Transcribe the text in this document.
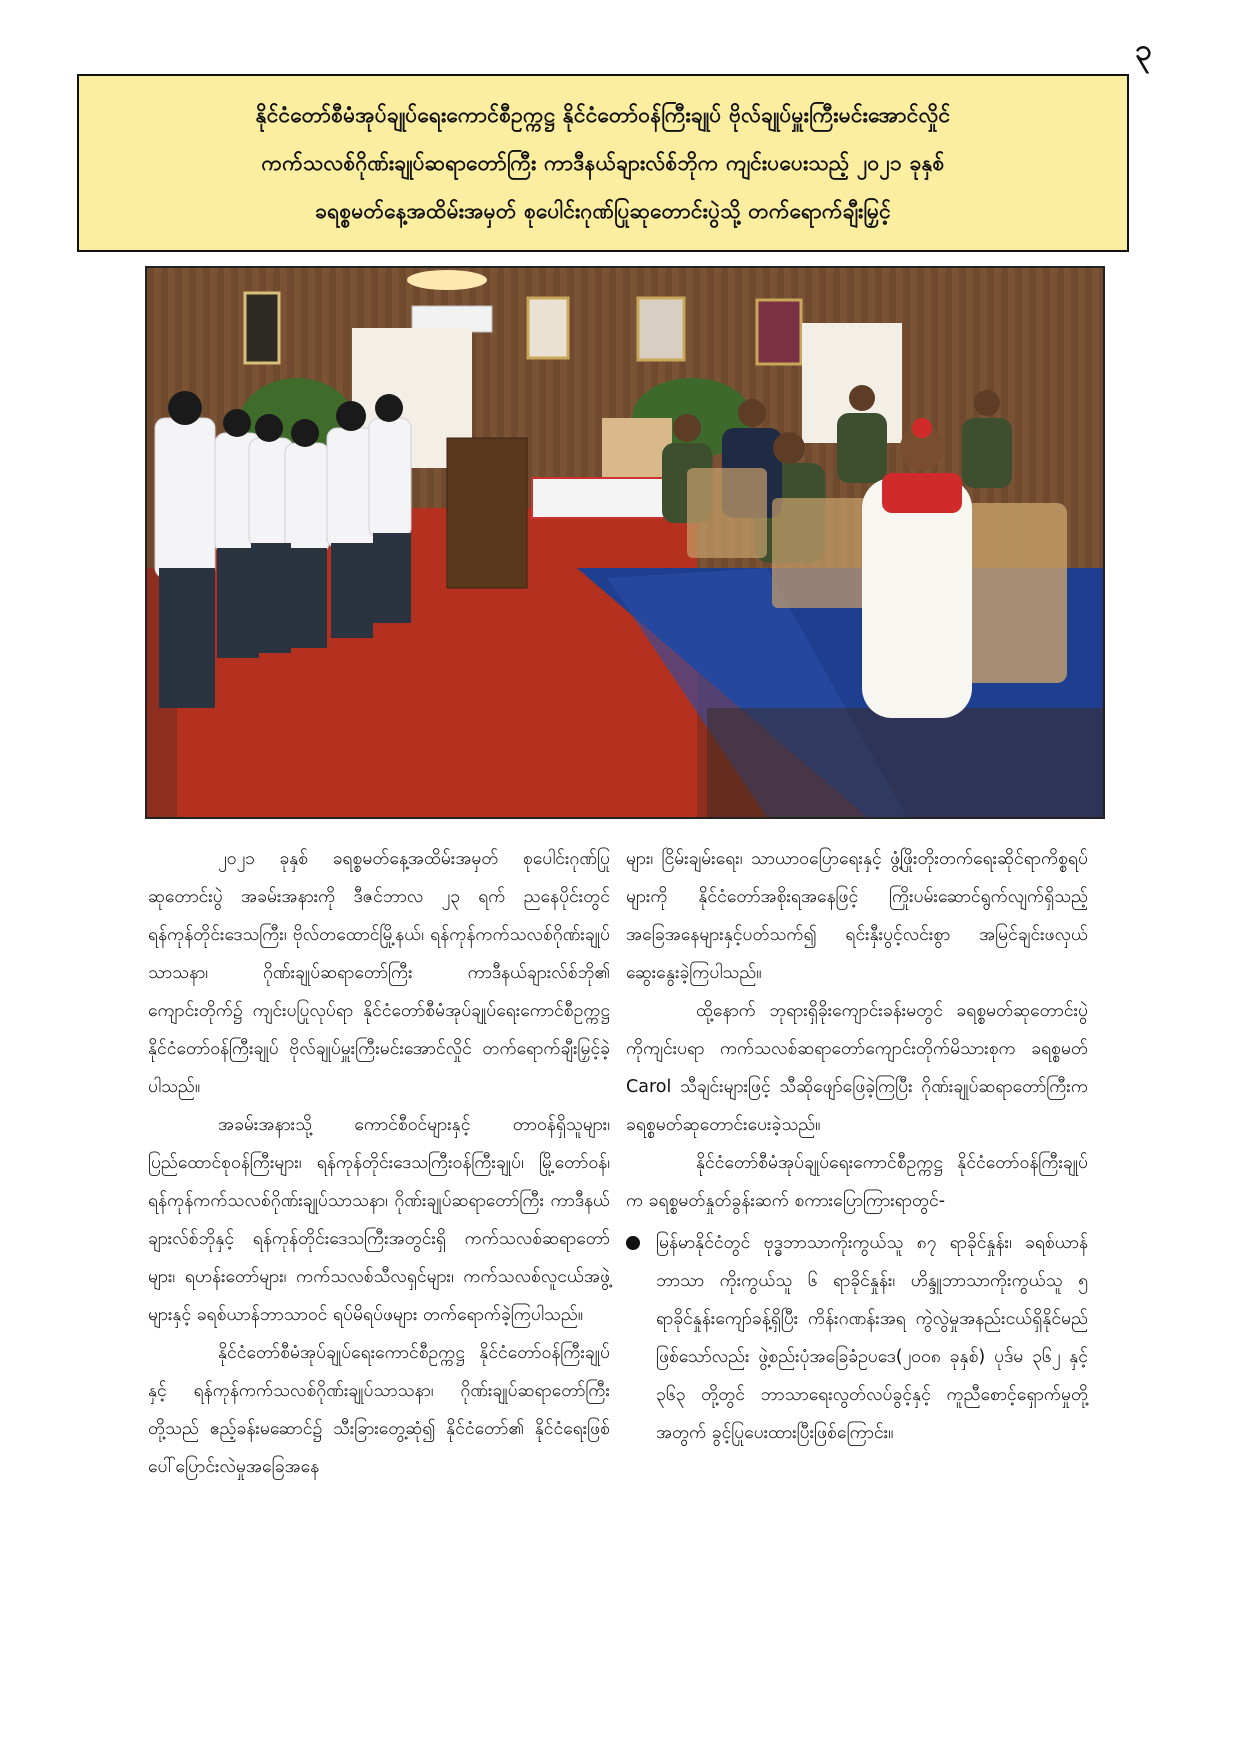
၃
နိုင်ငံတော်စီမံအုပ်ချုပ်ရေးကောင်စီဥက္ကဋ္ဌ နိုင်ငံတော်ဝန်ကြီးချုပ် ဗိုလ်ချုပ်မှူးကြီးမင်းအောင်လှိုင်
ကက်သလစ်ဂိုဏ်းချုပ်ဆရာတော်ကြီး ကာဒီနယ်ချားလ်စ်ဘိုက ကျင်းပပေးသည့် ၂၀၂၁ ခုနှစ်
ခရစ္စမတ်နေ့အထိမ်းအမှတ် စုပေါင်းဂုဏ်ပြုဆုတောင်းပွဲသို့ တက်ရောက်ချီးမြှင့်

၂၀၂၁ ခုနှစ် ခရစ္စမတ်နေ့အထိမ်းအမှတ် စုပေါင်းဂုဏ်ပြုဆုတောင်းပွဲ အခမ်းအနားကို ဒီဇင်ဘာလ ၂၃ ရက် ညနေပိုင်းတွင် ရန်ကုန်တိုင်းဒေသကြီး၊ ဗိုလ်တထောင်မြို့နယ်၊ ရန်ကုန်ကက်သလစ်ဂိုဏ်းချုပ်သာသနာ၊ ဂိုဏ်းချုပ်ဆရာတော်ကြီး ကာဒီနယ်ချားလ်စ်ဘို၏ ကျောင်းတိုက်၌ ကျင်းပပြုလုပ်ရာ နိုင်ငံတော်စီမံအုပ်ချုပ်ရေးကောင်စီဥက္ကဋ္ဌ နိုင်ငံတော်ဝန်ကြီးချုပ် ဗိုလ်ချုပ်မှူးကြီးမင်းအောင်လှိုင် တက်ရောက်ချီးမြှင့်ခဲ့ပါသည်။

အခမ်းအနားသို့ ကောင်စီဝင်များနှင့် တာဝန်ရှိသူများ၊ ပြည်ထောင်စုဝန်ကြီးများ၊ ရန်ကုန်တိုင်းဒေသကြီးဝန်ကြီးချုပ်၊ မြို့တော်ဝန်၊ ရန်ကုန်ကက်သလစ်ဂိုဏ်းချုပ်သာသနာ၊ ဂိုဏ်းချုပ်ဆရာတော်ကြီး ကာဒီနယ်ချားလ်စ်ဘိုနှင့် ရန်ကုန်တိုင်းဒေသကြီးအတွင်းရှိ ကက်သလစ်ဆရာတော်များ၊ ရဟန်းတော်များ၊ ကက်သလစ်သီလရှင်များ၊ ကက်သလစ်လူငယ်အဖွဲ့များနှင့် ခရစ်ယာန်ဘာသာဝင် ရပ်မိရပ်ဖများ တက်ရောက်ခဲ့ကြပါသည်။

နိုင်ငံတော်စီမံအုပ်ချုပ်ရေးကောင်စီဥက္ကဋ္ဌ နိုင်ငံတော်ဝန်ကြီးချုပ်နှင့် ရန်ကုန်ကက်သလစ်ဂိုဏ်းချုပ်သာသနာ၊ ဂိုဏ်းချုပ်ဆရာတော်ကြီးတို့သည် ဧည့်ခန်းမဆောင်၌ သီးခြားတွေ့ဆုံ၍ နိုင်ငံတော်၏ နိုင်ငံရေးဖြစ်ပေါ်ပြောင်းလဲမှုအခြေအနေ

များ၊ ငြိမ်းချမ်းရေး၊ သာယာဝပြောရေးနှင့် ဖွံ့ဖြိုးတိုးတက်ရေးဆိုင်ရာကိစ္စရပ်များကို နိုင်ငံတော်အစိုးရအနေဖြင့် ကြိုးပမ်းဆောင်ရွက်လျက်ရှိသည့် အခြေအနေများနှင့်ပတ်သက်၍ ရင်းနှီးပွင့်လင်းစွာ အမြင်ချင်းဖလှယ်ဆွေးနွေးခဲ့ကြပါသည်။

ထို့နောက် ဘုရားရှိခိုးကျောင်းခန်းမတွင် ခရစ္စမတ်ဆုတောင်းပွဲကိုကျင်းပရာ ကက်သလစ်ဆရာတော်ကျောင်းတိုက်မိသားစုက ခရစ္စမတ် Carol သီချင်းများဖြင့် သီဆိုဖျော်ဖြေခဲ့ကြပြီး ဂိုဏ်းချုပ်ဆရာတော်ကြီးက ခရစ္စမတ်ဆုတောင်းပေးခဲ့သည်။

နိုင်ငံတော်စီမံအုပ်ချုပ်ရေးကောင်စီဥက္ကဋ္ဌ နိုင်ငံတော်ဝန်ကြီးချုပ်က ခရစ္စမတ်နှုတ်ခွန်းဆက် စကားပြောကြားရာတွင်-

မြန်မာနိုင်ငံတွင် ဗုဒ္ဓဘာသာကိုးကွယ်သူ ၈၇ ရာခိုင်နှုန်း၊ ခရစ်ယာန်ဘာသာ ကိုးကွယ်သူ ၆ ရာခိုင်နှုန်း၊ ဟိန္ဒူဘာသာကိုးကွယ်သူ ၅ ရာခိုင်နှုန်းကျော်ခန့်ရှိပြီး ကိန်းဂဏန်းအရ ကွဲလွဲမှုအနည်းငယ်ရှိနိုင်မည်ဖြစ်သော်လည်း ဖွဲ့စည်းပုံအခြေခံဥပဒေ(၂၀၀၈ ခုနှစ်) ပုဒ်မ ၃၆၂ နှင့် ၃၆၃ တို့တွင် ဘာသာရေးလွတ်လပ်ခွင့်နှင့် ကူညီစောင့်ရှောက်မှုတို့အတွက် ခွင့်ပြုပေးထားပြီးဖြစ်ကြောင်း။
